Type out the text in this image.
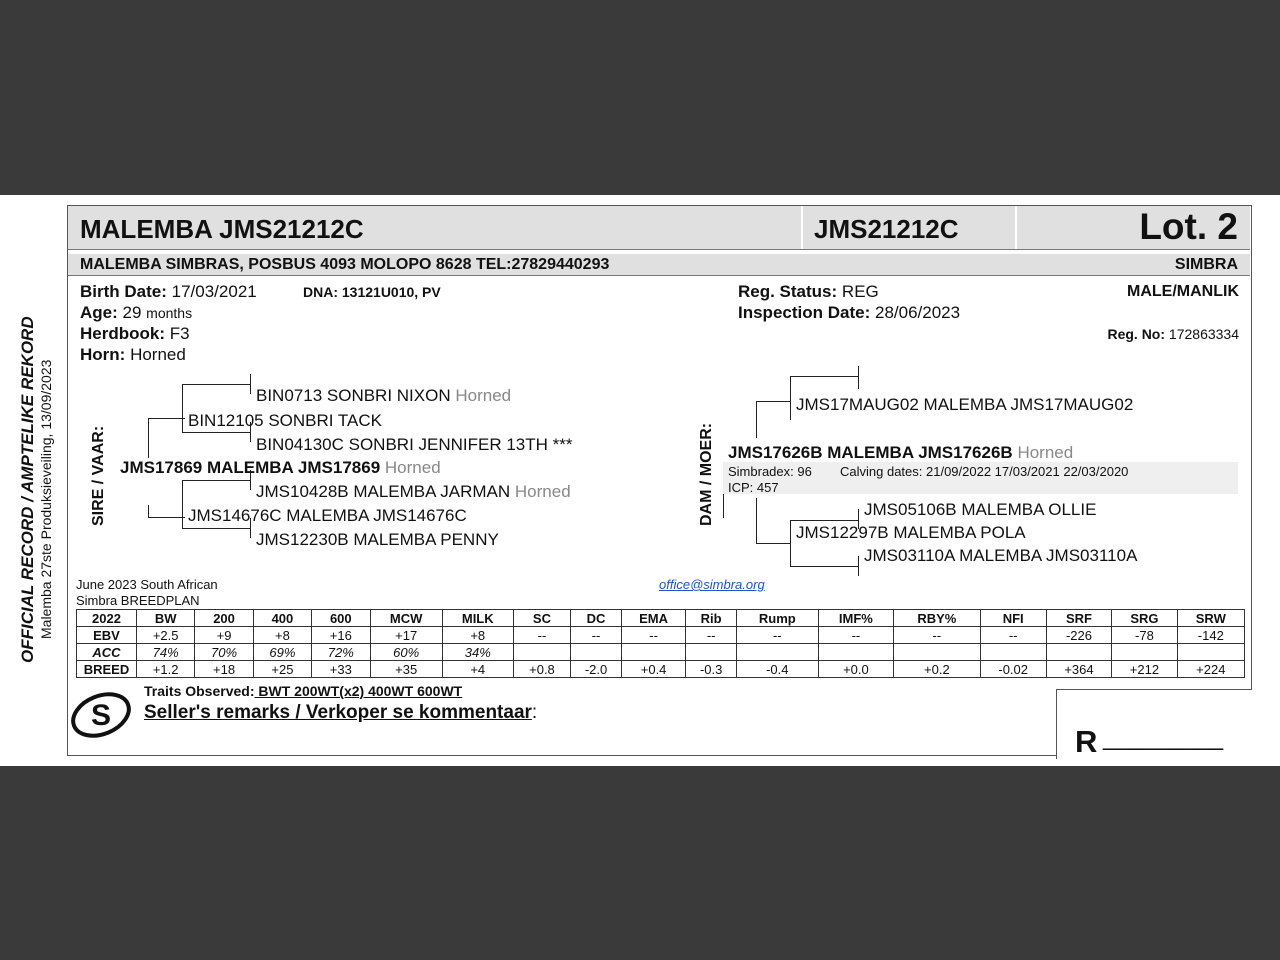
OFFICIAL RECORD / AMPTELIKE REKORD Malemba 27ste Produksieveiling, 13/09/2023
MALEMBA JMS21212C	JMS21212C	Lot. 2
MALEMBA SIMBRAS, POSBUS 4093 MOLOPO 8628 TEL:27829440293	SIMBRA
Birth Date: 17/03/2021	DNA: 13121U010, PV
Age: 29 months
Herdbook: F3
Horn: Horned
Reg. Status: REG
Inspection Date: 28/06/2023
MALE/MANLIK
Reg. No: 172863334
SIRE / VAAR:
BIN0713 SONBRI NIXON Horned
BIN12105 SONBRI TACK
BIN04130C SONBRI JENNIFER 13TH ***
JMS17869 MALEMBA JMS17869 Horned
JMS10428B MALEMBA JARMAN Horned
JMS14676C MALEMBA JMS14676C
JMS12230B MALEMBA PENNY
DAM / MOER:
JMS17MAUG02 MALEMBA JMS17MAUG02
JMS17626B MALEMBA JMS17626B Horned
Simbradex: 96
ICP: 457
Calving dates: 21/09/2022 17/03/2021 22/03/2020
JMS05106B MALEMBA OLLIE
JMS12297B MALEMBA POLA
JMS03110A MALEMBA JMS03110A
June 2023 South African
Simbra BREEDPLAN
office@simbra.org
2022	BW	200	400	600	MCW	MILK	SC	DC	EMA	Rib	Rump	IMF%	RBY%	NFI	SRF	SRG	SRW
EBV	+2.5	+9	+8	+16	+17	+8	--	--	--	--	--	--	--	--	-226	-78	-142
ACC	74%	70%	69%	72%	60%	34%											
BREED	+1.2	+18	+25	+33	+35	+4	+0.8	-2.0	+0.4	-0.3	-0.4	+0.0	+0.2	-0.02	+364	+212	+224
S
Traits Observed: BWT 200WT(x2) 400WT 600WT
Seller's remarks / Verkoper se kommentaar:
R _________
